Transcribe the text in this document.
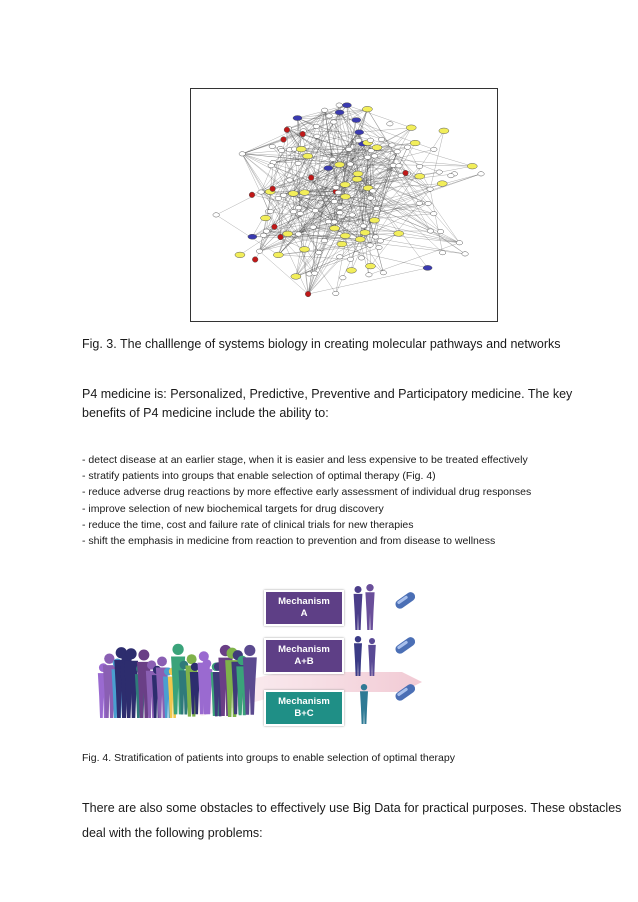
Fig. 3. The challlenge of systems biology in creating molecular pathways and networks
P4 medicine is: Personalized, Predictive, Preventive and Participatory medicine. The key benefits of P4 medicine include the ability to:
- detect disease at an earlier stage, when it is easier and less expensive to be treated effectively
- stratify patients into groups that enable selection of optimal therapy (Fig. 4)
- reduce adverse drug reactions by more effective early assessment of individual drug responses
- improve selection of new biochemical targets for drug discovery
- reduce the time, cost and failure rate of clinical trials for new therapies
- shift the emphasis in medicine from reaction to prevention and from disease to wellness
Mechanism
A
Mechanism
A+B
Mechanism
B+C
Fig. 4. Stratification of patients into groups to enable selection of optimal therapy
There are also some obstacles to effectively use Big Data for practical purposes. These obstacles deal with the following problems:
